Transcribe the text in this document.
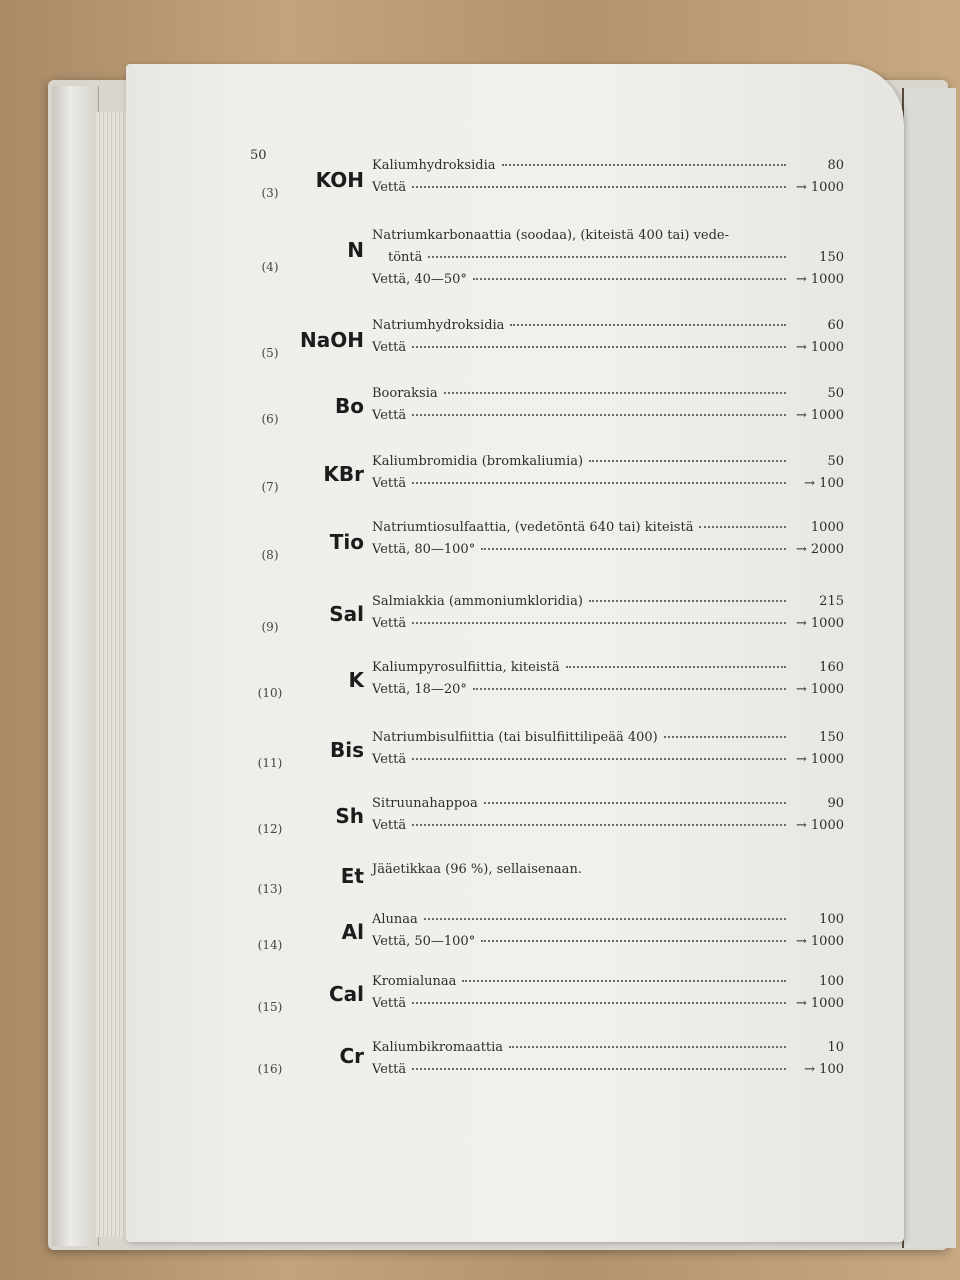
50
(3)
KOH
Kaliumhydroksidia	80
Vettä	→ 1000
(4)
N
Natriumkarbonaattia (soodaa), (kiteistä 400 tai) vede-
töntä	150
Vettä, 40—50°	→ 1000
(5)
NaOH
Natriumhydroksidia	60
Vettä	→ 1000
(6)
Bo
Booraksia	50
Vettä	→ 1000
(7)
KBr
Kaliumbromidia (bromkaliumia)	50
Vettä	→ 100
(8)
Tio
Natriumtiosulfaattia, (vedetöntä 640 tai) kiteistä	1000
Vettä, 80—100°	→ 2000
(9)
Sal
Salmiakkia (ammoniumkloridia)	215
Vettä	→ 1000
(10)
K
Kaliumpyrosulfiittia, kiteistä	160
Vettä, 18—20°	→ 1000
(11)
Bis
Natriumbisulfiittia (tai bisulfiittilipeää 400)	150
Vettä	→ 1000
(12)
Sh
Sitruunahappoa	90
Vettä	→ 1000
(13)
Et Jääetikkaa (96 %), sellaisenaan.
(14)
Al
Alunaa	100
Vettä, 50—100°	→ 1000
(15)
Cal
Kromialunaa	100
Vettä	→ 1000
(16)
Cr Kaliumbikromaattia	10
Vettä	→ 100
